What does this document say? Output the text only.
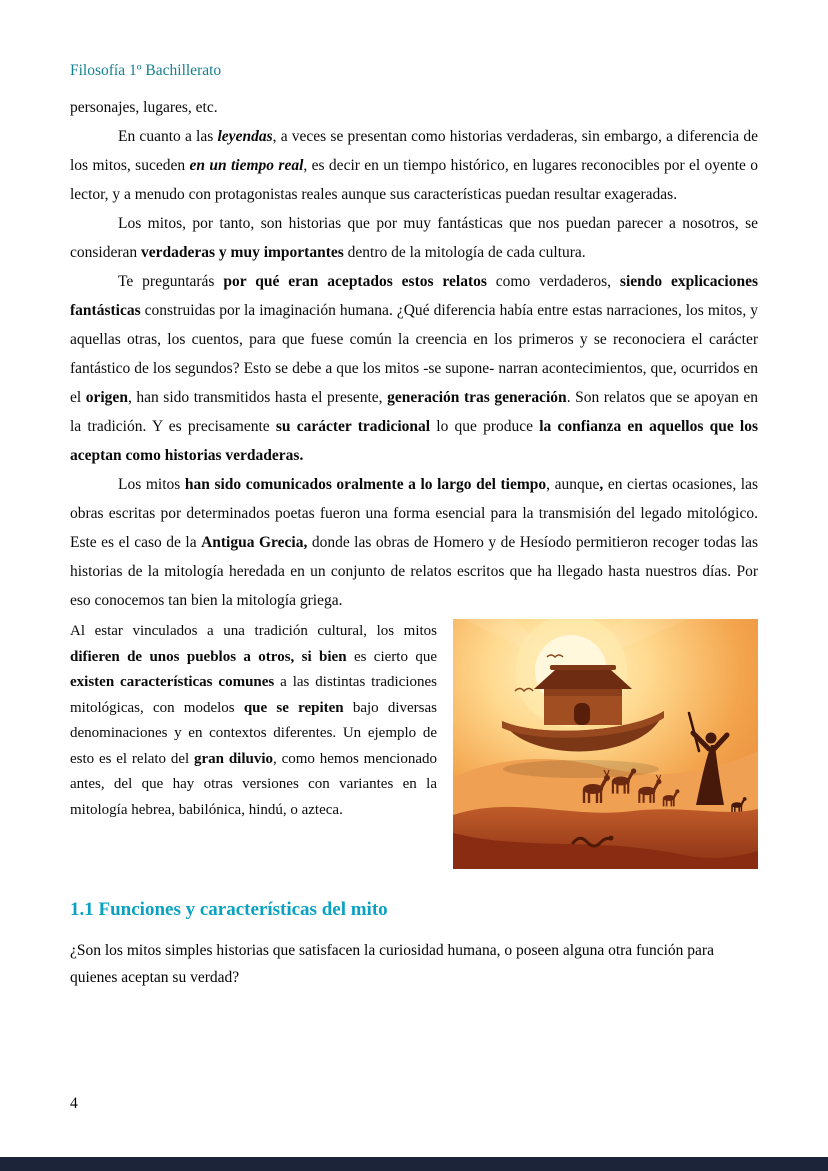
Filosofía 1º Bachillerato

personajes, lugares, etc.

En cuanto a las leyendas, a veces se presentan como historias verdaderas, sin embargo, a diferencia de los mitos, suceden en un tiempo real, es decir en un tiempo histórico, en lugares reconocibles por el oyente o lector, y a menudo con protagonistas reales aunque sus características puedan resultar exageradas.

Los mitos, por tanto, son historias que por muy fantásticas que nos puedan parecer a nosotros, se consideran verdaderas y muy importantes dentro de la mitología de cada cultura.

Te preguntarás por qué eran aceptados estos relatos como verdaderos, siendo explicaciones fantásticas construidas por la imaginación humana. ¿Qué diferencia había entre estas narraciones, los mitos, y aquellas otras, los cuentos, para que fuese común la creencia en los primeros y se reconociera el carácter fantástico de los segundos? Esto se debe a que los mitos -se supone- narran acontecimientos, que, ocurridos en el origen, han sido transmitidos hasta el presente, generación tras generación. Son relatos que se apoyan en la tradición. Y es precisamente su carácter tradicional lo que produce la confianza en aquellos que los aceptan como historias verdaderas.

Los mitos han sido comunicados oralmente a lo largo del tiempo, aunque, en ciertas ocasiones, las obras escritas por determinados poetas fueron una forma esencial para la transmisión del legado mitológico. Este es el caso de la Antigua Grecia, donde las obras de Homero y de Hesíodo permitieron recoger todas las historias de la mitología heredada en un conjunto de relatos escritos que ha llegado hasta nuestros días. Por eso conocemos tan bien la mitología griega.

Al estar vinculados a una tradición cultural, los mitos difieren de unos pueblos a otros, si bien es cierto que existen características comunes a las distintas tradiciones mitológicas, con modelos que se repiten bajo diversas denominaciones y en contextos diferentes. Un ejemplo de esto es el relato del gran diluvio, como hemos mencionado antes, del que hay otras versiones con variantes en la mitología hebrea, babilónica, hindú, o azteca.

1.1 Funciones y características del mito

¿Son los mitos simples historias que satisfacen la curiosidad humana, o poseen alguna otra función para quienes aceptan su verdad?

4
